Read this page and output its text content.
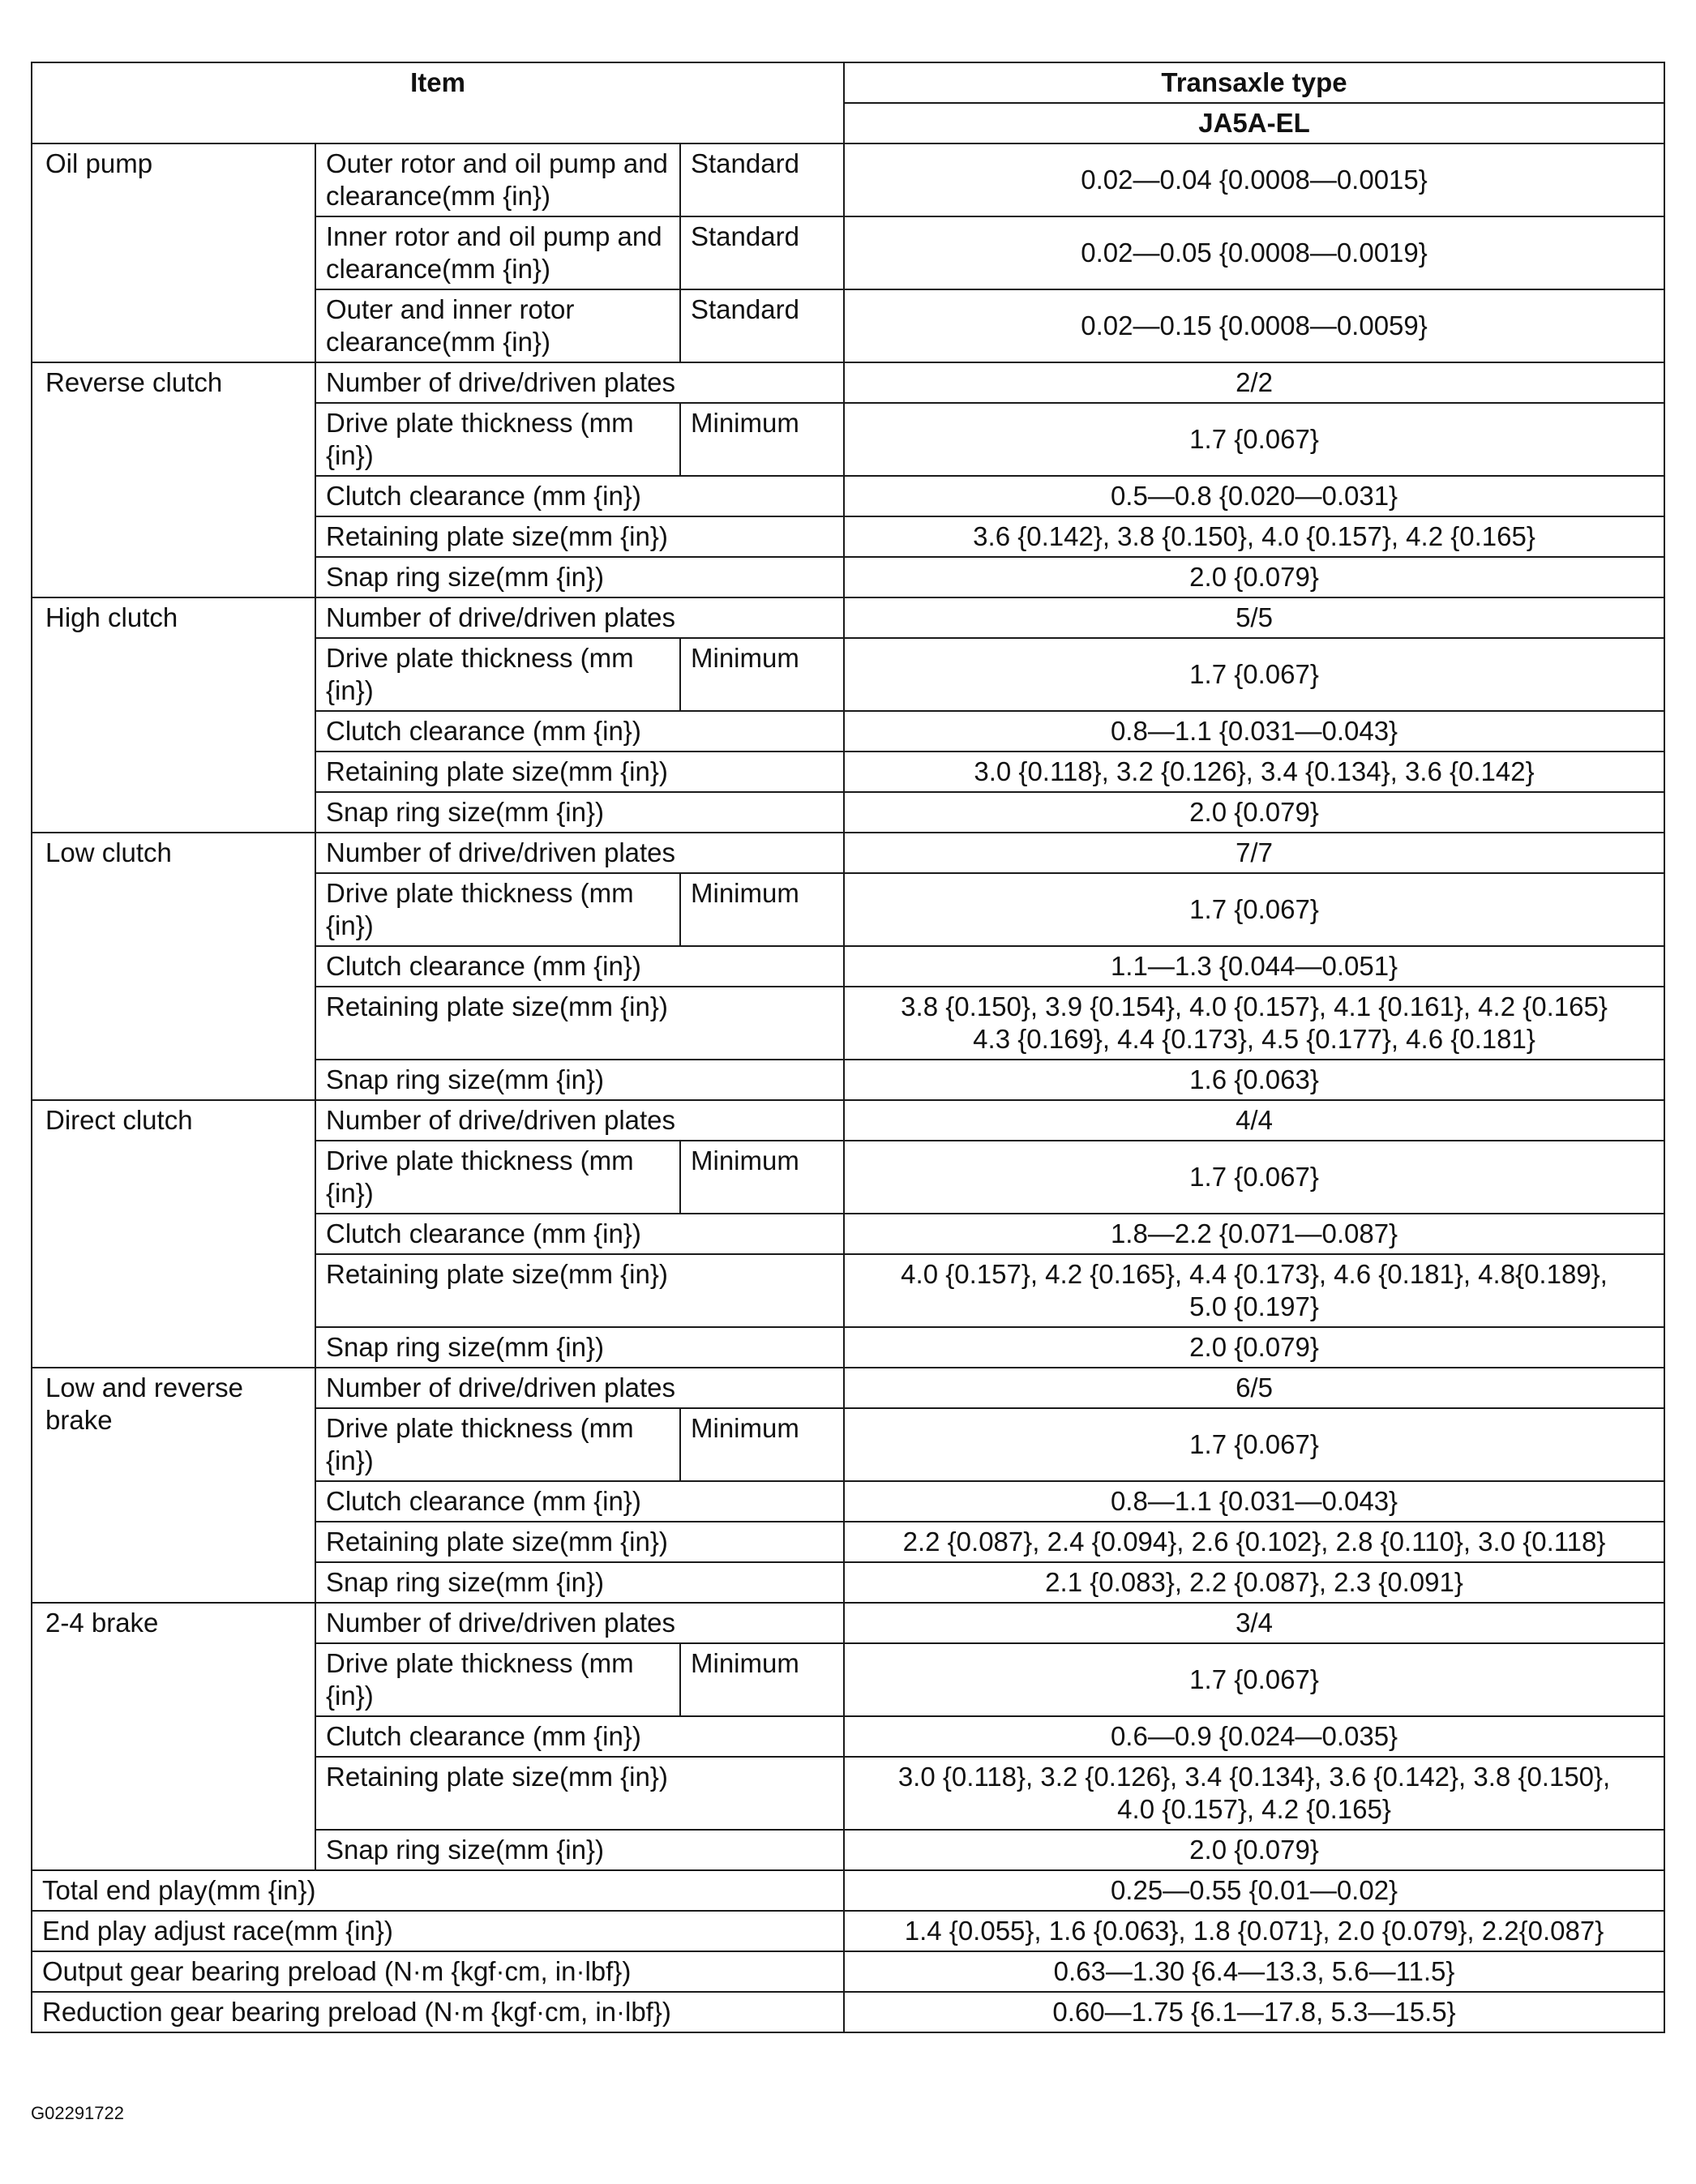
Item			Transaxle type
			JA5A-EL
Oil pump	Outer rotor and oil pump and clearance(mm {in})	Standard	0.02—0.04 {0.0008—0.0015}
	Inner rotor and oil pump and clearance(mm {in})	Standard	0.02—0.05 {0.0008—0.0019}
	Outer and inner rotor clearance(mm {in})	Standard	0.02—0.15 {0.0008—0.0059}
Reverse clutch	Number of drive/driven plates		2/2
	Drive plate thickness (mm {in})	Minimum	1.7 {0.067}
	Clutch clearance (mm {in})		0.5—0.8 {0.020—0.031}
	Retaining plate size(mm {in})		3.6 {0.142}, 3.8 {0.150}, 4.0 {0.157}, 4.2 {0.165}
	Snap ring size(mm {in})		2.0 {0.079}
High clutch	Number of drive/driven plates		5/5
	Drive plate thickness (mm {in})	Minimum	1.7 {0.067}
	Clutch clearance (mm {in})		0.8—1.1 {0.031—0.043}
	Retaining plate size(mm {in})		3.0 {0.118}, 3.2 {0.126}, 3.4 {0.134}, 3.6 {0.142}
	Snap ring size(mm {in})		2.0 {0.079}
Low clutch	Number of drive/driven plates		7/7
	Drive plate thickness (mm {in})	Minimum	1.7 {0.067}
	Clutch clearance (mm {in})		1.1—1.3 {0.044—0.051}
	Retaining plate size(mm {in})		3.8 {0.150}, 3.9 {0.154}, 4.0 {0.157}, 4.1 {0.161}, 4.2 {0.165}
4.3 {0.169}, 4.4 {0.173}, 4.5 {0.177}, 4.6 {0.181}
	Snap ring size(mm {in})		1.6 {0.063}
Direct clutch	Number of drive/driven plates		4/4
	Drive plate thickness (mm {in})	Minimum	1.7 {0.067}
	Clutch clearance (mm {in})		1.8—2.2 {0.071—0.087}
	Retaining plate size(mm {in})		4.0 {0.157}, 4.2 {0.165}, 4.4 {0.173}, 4.6 {0.181}, 4.8{0.189},
5.0 {0.197}
	Snap ring size(mm {in})		2.0 {0.079}
Low and reverse brake	Number of drive/driven plates		6/5
	Drive plate thickness (mm {in})	Minimum	1.7 {0.067}
	Clutch clearance (mm {in})		0.8—1.1 {0.031—0.043}
	Retaining plate size(mm {in})		2.2 {0.087}, 2.4 {0.094}, 2.6 {0.102}, 2.8 {0.110}, 3.0 {0.118}
	Snap ring size(mm {in})		2.1 {0.083}, 2.2 {0.087}, 2.3 {0.091}
2-4 brake	Number of drive/driven plates		3/4
	Drive plate thickness (mm {in})	Minimum	1.7 {0.067}
	Clutch clearance (mm {in})		0.6—0.9 {0.024—0.035}
	Retaining plate size(mm {in})		3.0 {0.118}, 3.2 {0.126}, 3.4 {0.134}, 3.6 {0.142}, 3.8 {0.150},
4.0 {0.157}, 4.2 {0.165}
	Snap ring size(mm {in})		2.0 {0.079}
Total end play(mm {in})			0.25—0.55 {0.01—0.02}
End play adjust race(mm {in})			1.4 {0.055}, 1.6 {0.063}, 1.8 {0.071}, 2.0 {0.079}, 2.2{0.087}
Output gear bearing preload (N·m {kgf·cm, in·lbf})			0.63—1.30 {6.4—13.3, 5.6—11.5}
Reduction gear bearing preload (N·m {kgf·cm, in·lbf})			0.60—1.75 {6.1—17.8, 5.3—15.5}
G02291722
